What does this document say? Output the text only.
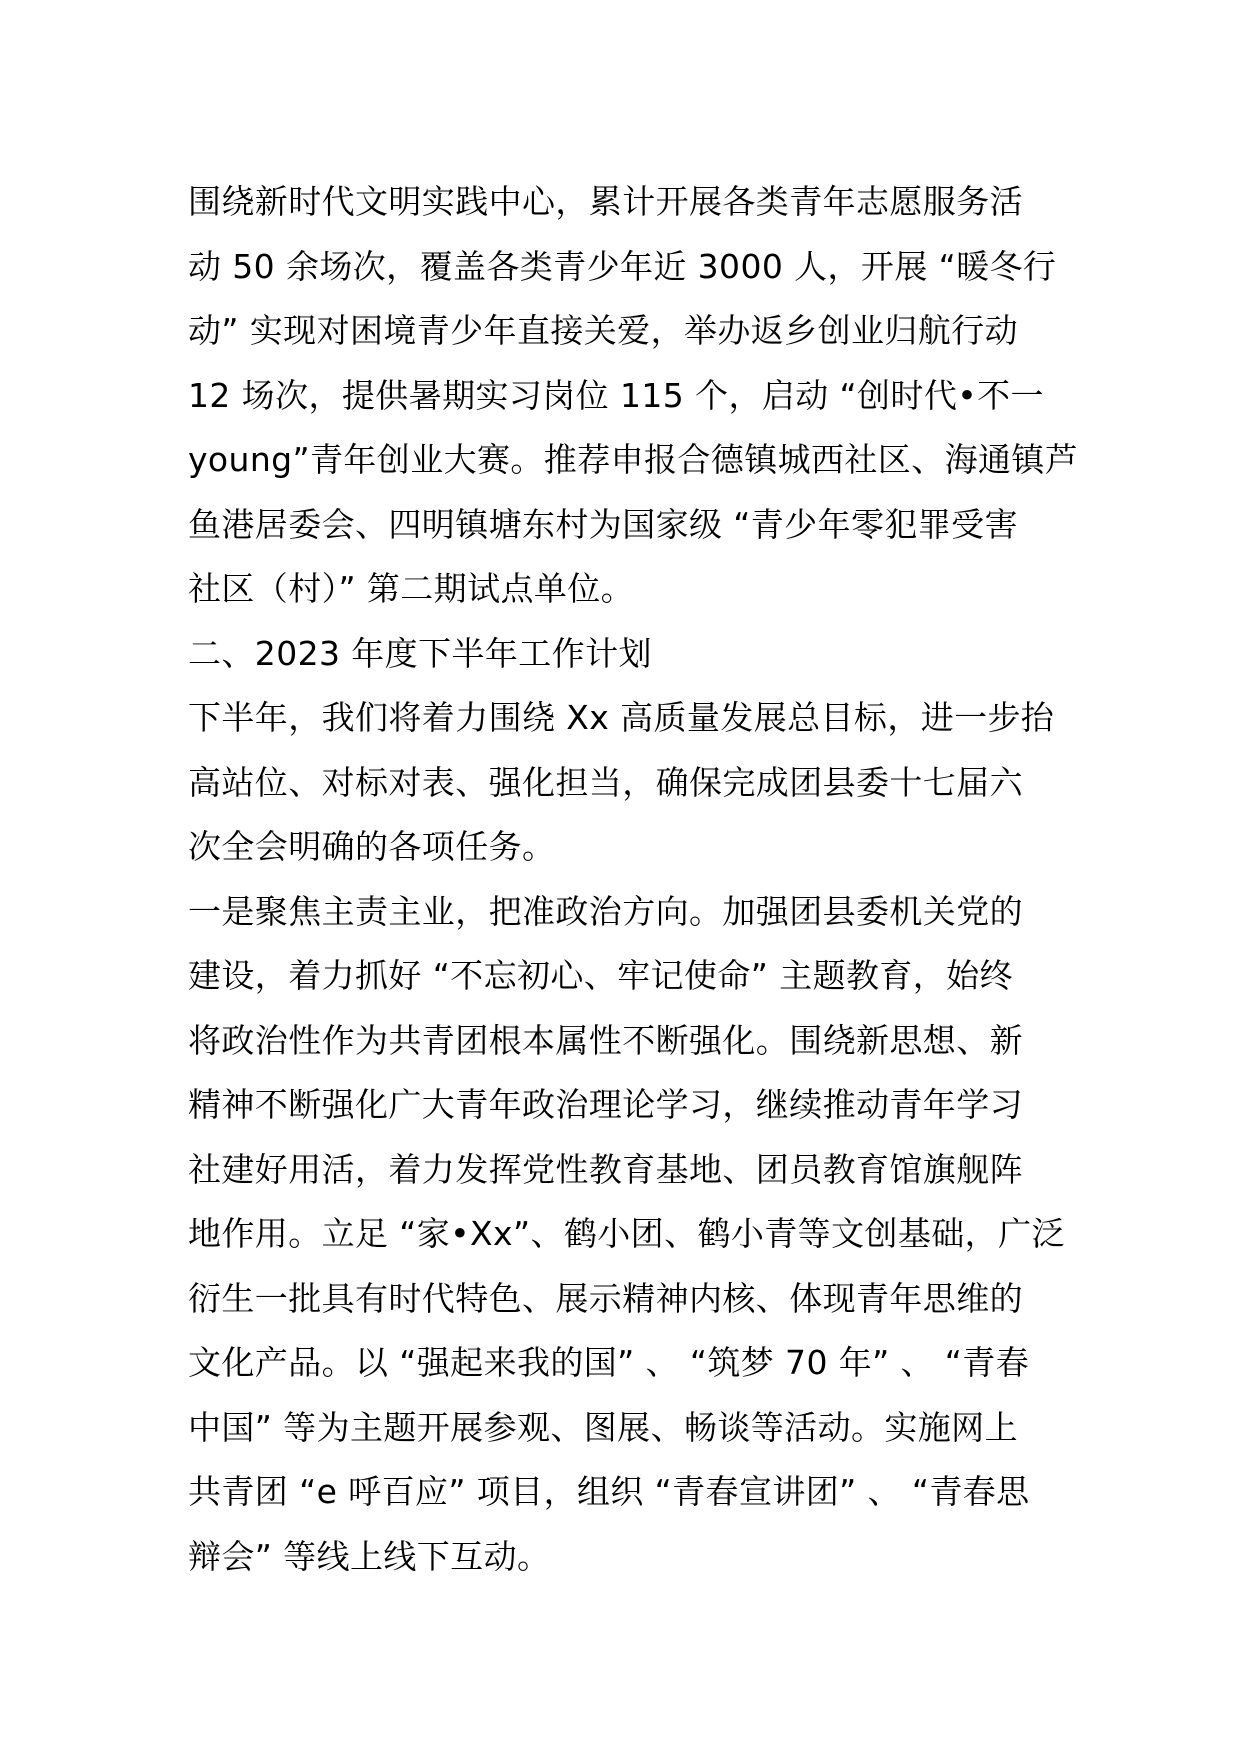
围绕新时代文明实践中心，累计开展各类青年志愿服务活
动 50 余场次，覆盖各类青少年近 3000 人，开展 “暖冬行
动” 实现对困境青少年直接关爱，举办返乡创业归航行动
12 场次，提供暑期实习岗位 115 个，启动 “创时代•不一
young”青年创业大赛。推荐申报合德镇城西社区、海通镇芦
鱼港居委会、四明镇塘东村为国家级 “青少年零犯罪受害
社区（村）” 第二期试点单位。
二、2023 年度下半年工作计划
下半年，我们将着力围绕 Xx 高质量发展总目标，进一步抬
高站位、对标对表、强化担当，确保完成团县委十七届六
次全会明确的各项任务。
一是聚焦主责主业，把准政治方向。加强团县委机关党的
建设，着力抓好 “不忘初心、牢记使命” 主题教育，始终
将政治性作为共青团根本属性不断强化。围绕新思想、新
精神不断强化广大青年政治理论学习，继续推动青年学习
社建好用活，着力发挥党性教育基地、团员教育馆旗舰阵
地作用。立足 “家•Xx”、鹤小团、鹤小青等文创基础，广泛
衍生一批具有时代特色、展示精神内核、体现青年思维的
文化产品。以 “强起来我的国” 、 “筑梦 70 年” 、 “青春
中国” 等为主题开展参观、图展、畅谈等活动。实施网上
共青团 “e 呼百应” 项目，组织 “青春宣讲团” 、 “青春思
辩会” 等线上线下互动。
